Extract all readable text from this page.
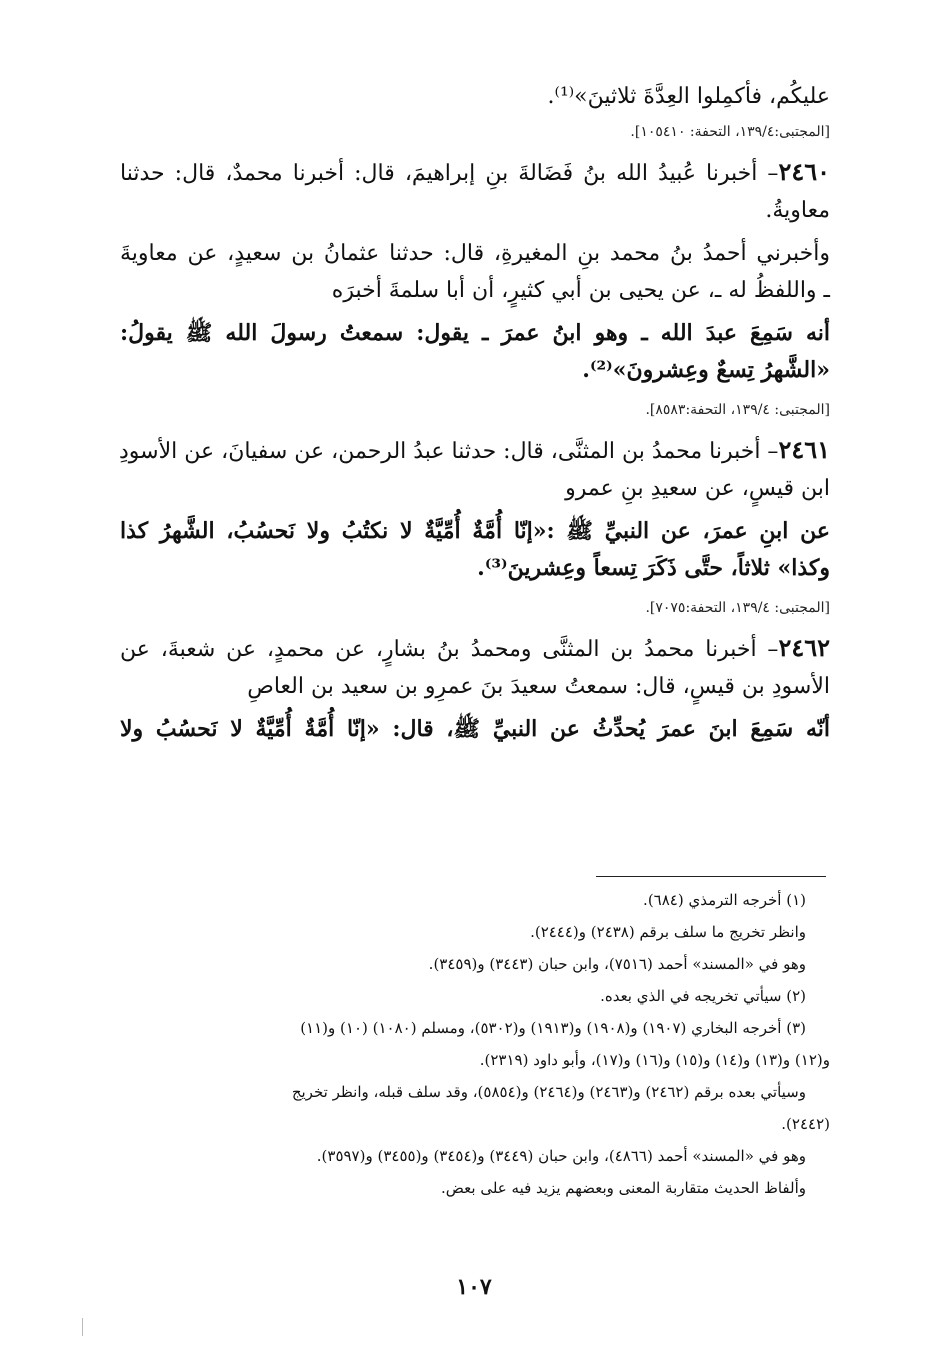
عليكُم، فأكمِلوا العِدَّةَ ثلاثينَ»⁽¹⁾.
[المجتبى:١٣٩/٤، التحفة: ١٠٥٤١٠].
٢٤٦٠– أخبرنا عُبيدُ الله بنُ فَضَالةَ بنِ إبراهيمَ، قال: أخبرنا محمدٌ، قال: حدثنا
معاويةُ.
وأخبرني أحمدُ بنُ محمد بنِ المغيرةِ، قال: حدثنا عثمانُ بن سعيدٍ، عن معاويةَ
ـ واللفظُ له ـ، عن يحيى بن أبي كثيرٍ، أن أبا سلمةَ أخبرَه
أنه سَمِعَ عبدَ الله ـ وهو ابنُ عمرَ ـ يقول: سمعتُ رسولَ الله ﷺ يقولُ:
«الشَّهرُ تِسعٌ وعِشرونَ»⁽²⁾.
[المجتبى: ١٣٩/٤، التحفة:٨٥٨٣].
٢٤٦١– أخبرنا محمدُ بن المثنَّى، قال: حدثنا عبدُ الرحمن، عن سفيانَ، عن الأسودِ
ابن قيسٍ، عن سعيدِ بنِ عمرو
عن ابنِ عمرَ، عن النبيِّ ﷺ :«إنّا أُمَّةٌ أُمِّيَّةٌ لا نكتُبُ ولا نَحسُبُ، الشَّهرُ كذا
وكذا» ثلاثاً، حتَّى ذَكَرَ تِسعاً وعِشرينَ⁽³⁾.
[المجتبى: ١٣٩/٤، التحفة:٧٠٧٥].
٢٤٦٢– أخبرنا محمدُ بن المثنَّى ومحمدُ بنُ بشارٍ، عن محمدٍ، عن شعبةَ، عن
الأسودِ بن قيسٍ، قال: سمعتُ سعيدَ بنَ عمرِو بن سعيد بن العاصِ
أنّه سَمِعَ ابنَ عمرَ يُحدِّثُ عن النبيِّ ﷺ، قال: «إنّا أُمَّةٌ أُمِّيَّةٌ لا نَحسُبُ ولا
(١) أخرجه الترمذي (٦٨٤).
وانظر تخريج ما سلف برقم (٢٤٣٨) و(٢٤٤٤).
وهو في «المسند» أحمد (٧٥١٦)، وابن حبان (٣٤٤٣) و(٣٤٥٩).
(٢) سيأتي تخريجه في الذي بعده.
(٣) أخرجه البخاري (١٩٠٧) و(١٩٠٨) و(١٩١٣) و(٥٣٠٢)، ومسلم (١٠٨٠) (١٠) و(١١)
و(١٢) و(١٣) و(١٤) و(١٥) و(١٦) و(١٧)، وأبو داود (٢٣١٩).
وسيأتي بعده برقم (٢٤٦٢) و(٢٤٦٣) و(٢٤٦٤) و(٥٨٥٤)، وقد سلف قبله، وانظر تخريج
(٢٤٤٢).
وهو في «المسند» أحمد (٤٨٦٦)، وابن حبان (٣٤٤٩) و(٣٤٥٤) و(٣٤٥٥) و(٣٥٩٧).
وألفاظ الحديث متقاربة المعنى وبعضهم يزيد فيه على بعض.
١٠٧
